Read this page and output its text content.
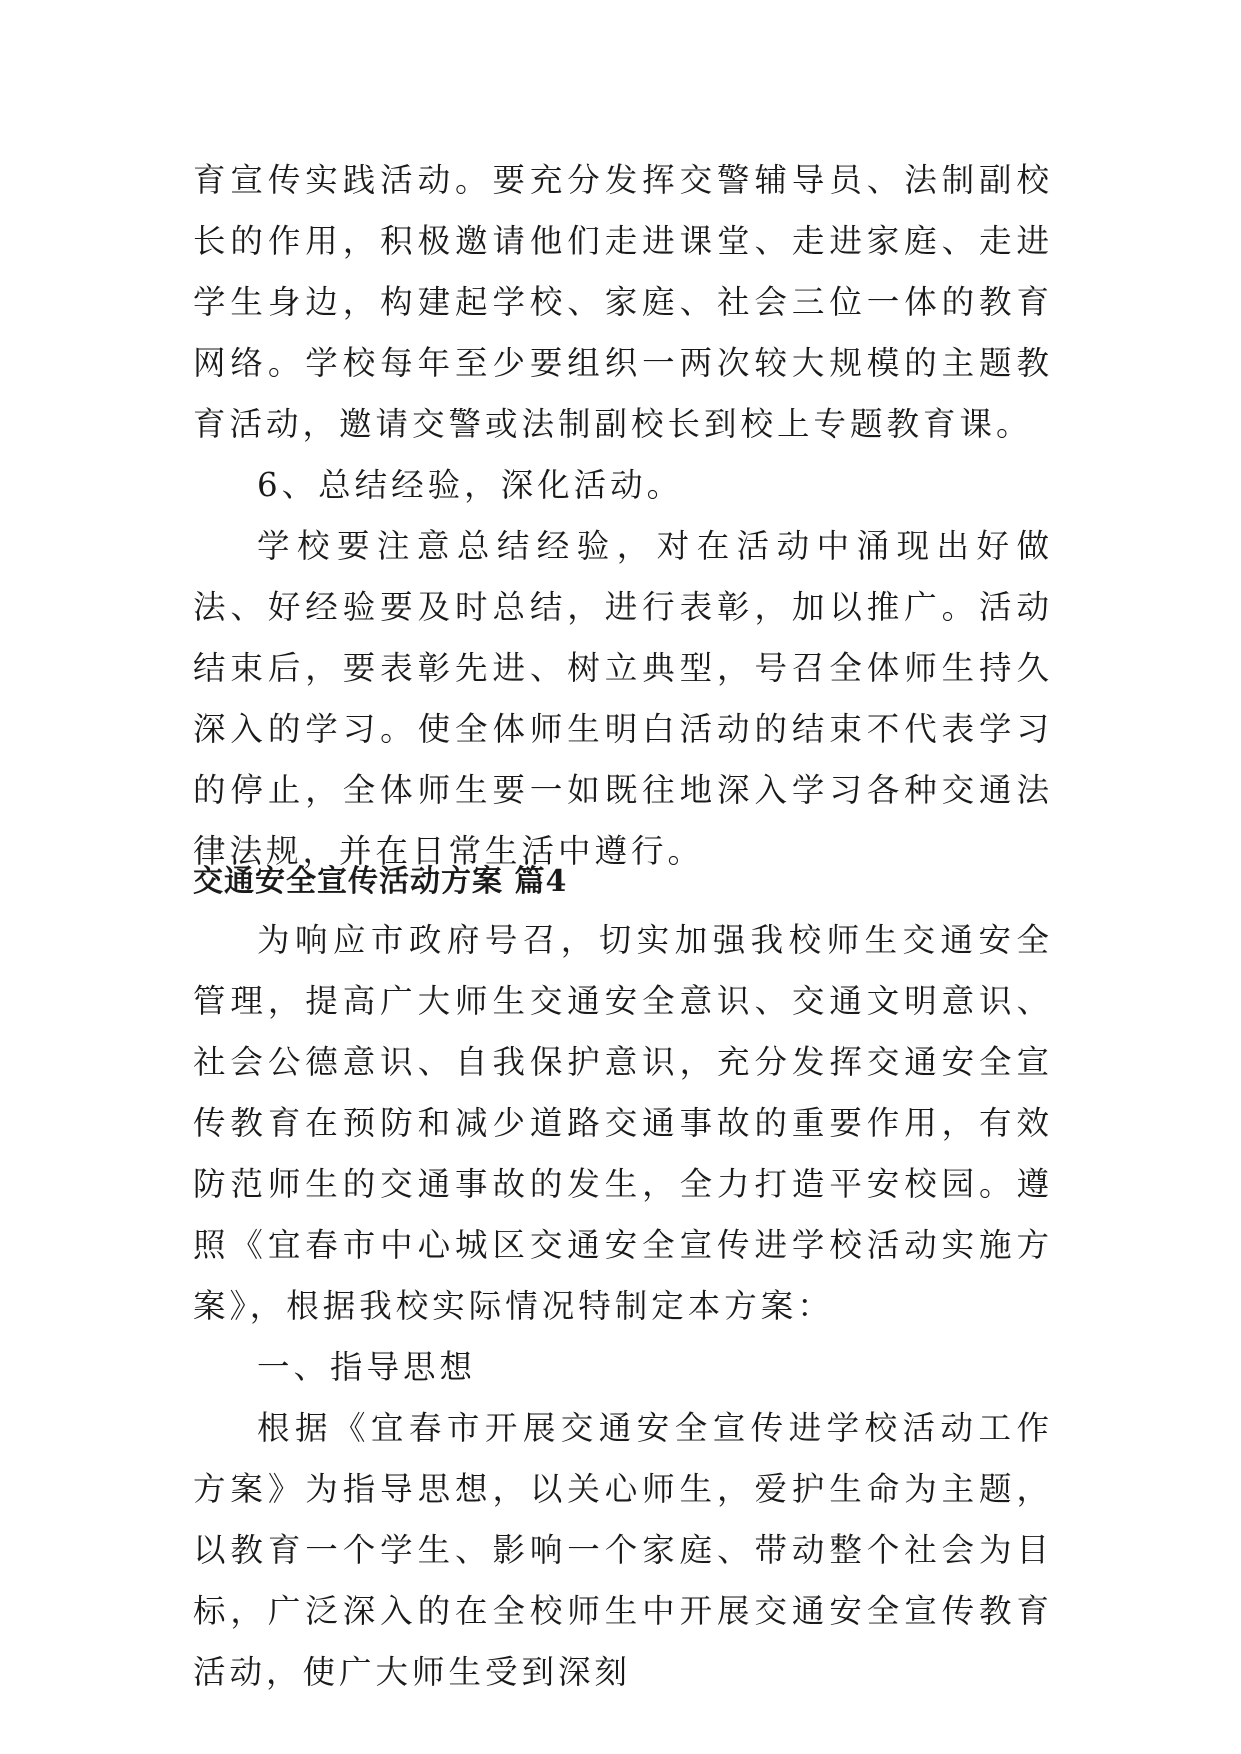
育宣传实践活动。要充分发挥交警辅导员、法制副校长的作用，积极邀请他们走进课堂、走进家庭、走进学生身边，构建起学校、家庭、社会三位一体的教育网络。学校每年至少要组织一两次较大规模的主题教育活动，邀请交警或法制副校长到校上专题教育课。

6、总结经验，深化活动。

学校要注意总结经验，对在活动中涌现出好做法、好经验要及时总结，进行表彰，加以推广。活动结束后，要表彰先进、树立典型，号召全体师生持久深入的学习。使全体师生明白活动的结束不代表学习的停止，全体师生要一如既往地深入学习各种交通法律法规，并在日常生活中遵行。

交通安全宣传活动方案 篇4

为响应市政府号召，切实加强我校师生交通安全管理，提高广大师生交通安全意识、交通文明意识、社会公德意识、自我保护意识，充分发挥交通安全宣传教育在预防和减少道路交通事故的重要作用，有效防范师生的交通事故的发生，全力打造平安校园。遵照《宜春市中心城区交通安全宣传进学校活动实施方案》，根据我校实际情况特制定本方案：

一、指导思想

根据《宜春市开展交通安全宣传进学校活动工作方案》为指导思想，以关心师生，爱护生命为主题，以教育一个学生、影响一个家庭、带动整个社会为目标，广泛深入的在全校师生中开展交通安全宣传教育活动，使广大师生受到深刻
